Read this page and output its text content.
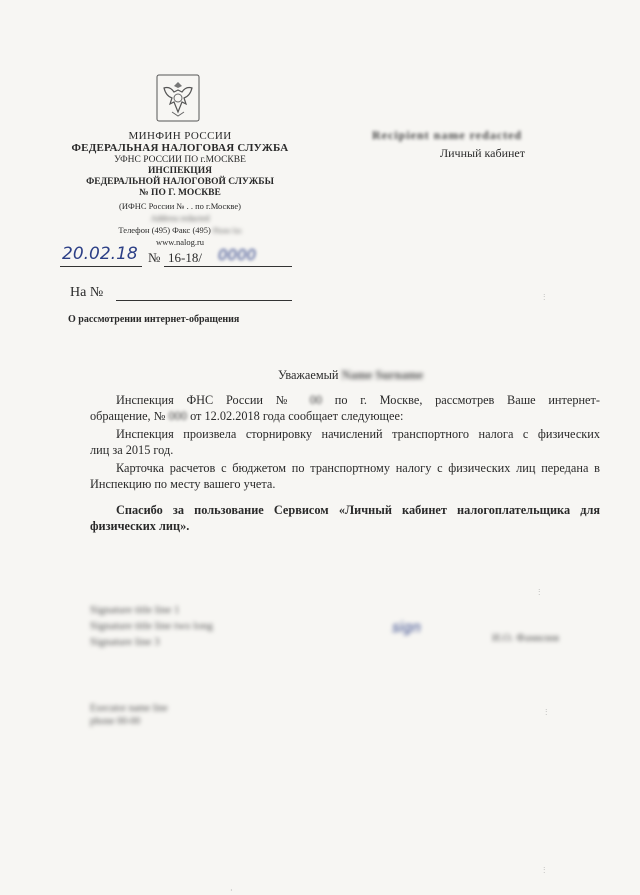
МИНФИН РОССИИ
ФЕДЕРАЛЬНАЯ НАЛОГОВАЯ СЛУЖБА
УФНС РОССИИ ПО г.МОСКВЕ
ИНСПЕКЦИЯ
ФЕДЕРАЛЬНОЙ НАЛОГОВОЙ СЛУЖБЫ
№ ПО Г. МОСКВЕ
(ИФНС России № . . по г.Москве)
Address redacted
Телефон (495) Факс (495) Phone fax
www.nalog.ru
20.02.18 № 16-18/ 0000
На №
О рассмотрении интернет-обращения
Recipient name redacted
Личный кабинет
Уважаемый Name Surname
Инспекция ФНС России № 00 по г. Москве, рассмотрев Ваше интернет-
обращение, № 000 от 12.02.2018 года сообщает следующее:
Инспекция произвела сторнировку начислений транспортного налога с физических
лиц за 2015 год.
Карточка расчетов с бюджетом по транспортному налогу с физических лиц передана в
Инспекцию по месту вашего учета.
Спасибо за пользование Сервисом «Личный кабинет налогоплательщика для
физических лиц».
Signature title line 1
Signature title line two long
Signature line 3
sign
И.О. Фамилия
Executor name line
phone 00-00
ⵗ
ⵗ
ⵗ
ⵗ
·
